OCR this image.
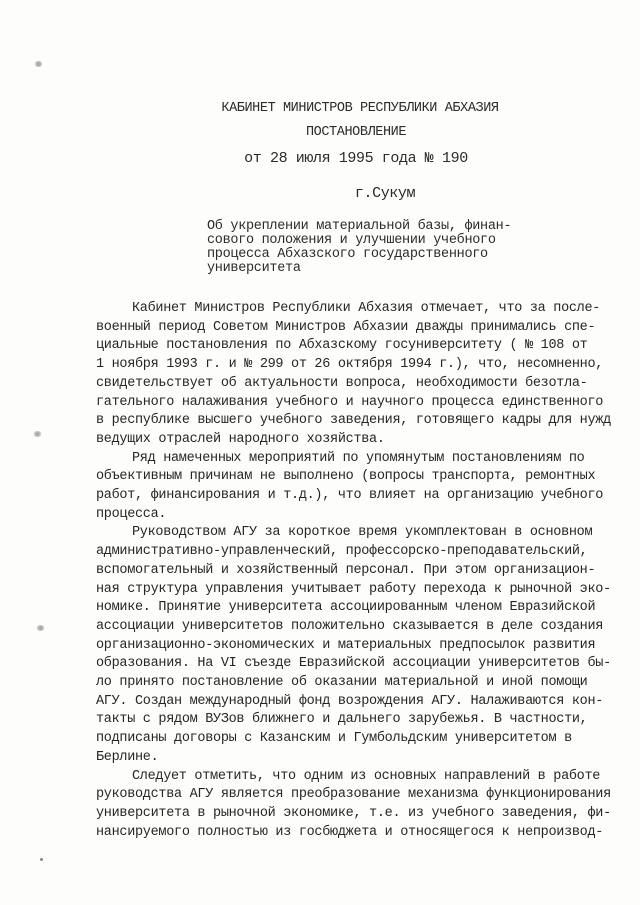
КАБИНЕТ МИНИСТРОВ РЕСПУБЛИКИ АБХАЗИЯ
ПОСТАНОВЛЕНИЕ
от 28 июля 1995 года № 190
г.Сукум
Об укреплении материальной базы, финан-
сового положения и улучшении учебного
процесса Абхазского государственного
университета
Кабинет Министров Республики Абхазия отмечает, что за после-
военный период Советом Министров Абхазии дважды принимались спе-
циальные постановления по Абхазскому госуниверситету ( № 108 от
1 ноября 1993 г. и № 299 от 26 октября 1994 г.), что, несомненно,
свидетельствует об актуальности вопроса, необходимости безотла-
гательного налаживания учебного и научного процесса единственного
в республике высшего учебного заведения, готовящего кадры для нужд
ведущих отраслей народного хозяйства.
Ряд намеченных мероприятий по упомянутым постановлениям по
объективным причинам не выполнено (вопросы транспорта, ремонтных
работ, финансирования и т.д.), что влияет на организацию учебного
процесса.
Руководством АГУ за короткое время укомплектован в основном
административно-управленческий, профессорско-преподавательский,
вспомогательный и хозяйственный персонал. При этом организацион-
ная структура управления учитывает работу перехода к рыночной эко-
номике. Принятие университета ассоциированным членом Евразийской
ассоциации университетов положительно сказывается в деле создания
организационно-экономических и материальных предпосылок развития
образования. На VI съезде Евразийской ассоциации университетов бы-
ло принято постановление об оказании материальной и иной помощи
АГУ. Создан международный фонд возрождения АГУ. Налаживаются кон-
такты с рядом ВУЗов ближнего и дальнего зарубежья. В частности,
подписаны договоры с Казанским и Гумбольдским университетом в
Берлине.
Следует отметить, что одним из основных направлений в работе
руководства АГУ является преобразование механизма функционирования
университета в рыночной экономике, т.е. из учебного заведения, фи-
нансируемого полностью из госбюджета и относящегося к непроизвод-
